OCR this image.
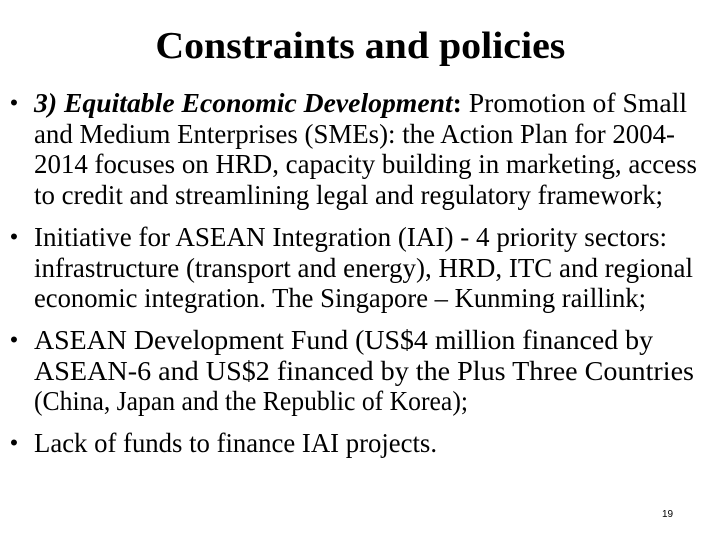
Constraints and policies
• 3) Equitable Economic Development: Promotion of Small
and Medium Enterprises (SMEs): the Action Plan for 2004-
2014 focuses on HRD, capacity building in marketing, access
to credit and streamlining legal and regulatory framework;
• Initiative for ASEAN Integration (IAI) - 4 priority sectors:
infrastructure (transport and energy), HRD, ITC and regional
economic integration. The Singapore – Kunming raillink;
• ASEAN Development Fund (US$4 million financed by
ASEAN-6 and US$2 financed by the Plus Three Countries
(China, Japan and the Republic of Korea);
• Lack of funds to finance IAI projects.
19
